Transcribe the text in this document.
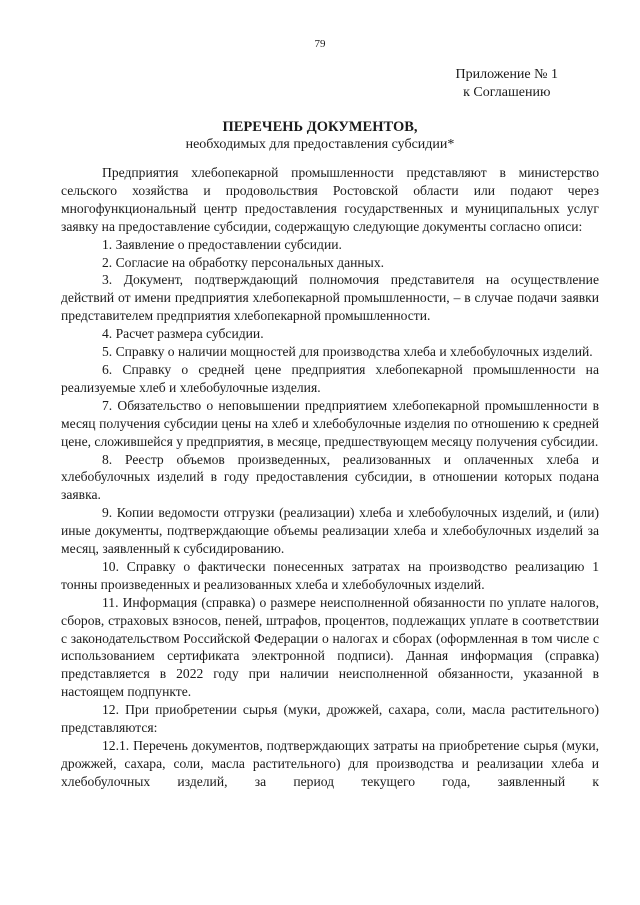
79
Приложение № 1
к Соглашению
ПЕРЕЧЕНЬ ДОКУМЕНТОВ,
необходимых для предоставления субсидии*

Предприятия хлебопекарной промышленности представляют в министерство сельского хозяйства и продовольствия Ростовской области или подают через многофункциональный центр предоставления государственных и муниципальных услуг заявку на предоставление субсидии, содержащую следующие документы согласно описи:

1. Заявление о предоставлении субсидии.

2. Согласие на обработку персональных данных.

3. Документ, подтверждающий полномочия представителя на осуществление действий от имени предприятия хлебопекарной промышленности, – в случае подачи заявки представителем предприятия хлебопекарной промышленности.

4. Расчет размера субсидии.

5. Справку о наличии мощностей для производства хлеба и хлебобулочных изделий.

6. Справку о средней цене предприятия хлебопекарной промышленности на реализуемые хлеб и хлебобулочные изделия.

7. Обязательство о неповышении предприятием хлебопекарной промышленности в месяц получения субсидии цены на хлеб и хлебобулочные изделия по отношению к средней цене, сложившейся у предприятия, в месяце, предшествующем месяцу получения субсидии.

8. Реестр объемов произведенных, реализованных и оплаченных хлеба и хлебобулочных изделий в году предоставления субсидии, в отношении которых подана заявка.

9. Копии ведомости отгрузки (реализации) хлеба и хлебобулочных изделий, и (или) иные документы, подтверждающие объемы реализации хлеба и хлебобулочных изделий за месяц, заявленный к субсидированию.

10. Справку о фактически понесенных затратах на производство реализацию 1 тонны произведенных и реализованных хлеба и хлебобулочных изделий.

11. Информация (справка) о размере неисполненной обязанности по уплате налогов, сборов, страховых взносов, пеней, штрафов, процентов, подлежащих уплате в соответствии с законодательством Российской Федерации о налогах и сборах (оформленная в том числе с использованием сертификата электронной подписи). Данная информация (справка) представляется в 2022 году при наличии неисполненной обязанности, указанной в настоящем подпункте.

12. При приобретении сырья (муки, дрожжей, сахара, соли, масла растительного) представляются:

12.1. Перечень документов, подтверждающих затраты на приобретение сырья (муки, дрожжей, сахара, соли, масла растительного) для производства и реализации хлеба и хлебобулочных изделий, за период текущего года, заявленный к
